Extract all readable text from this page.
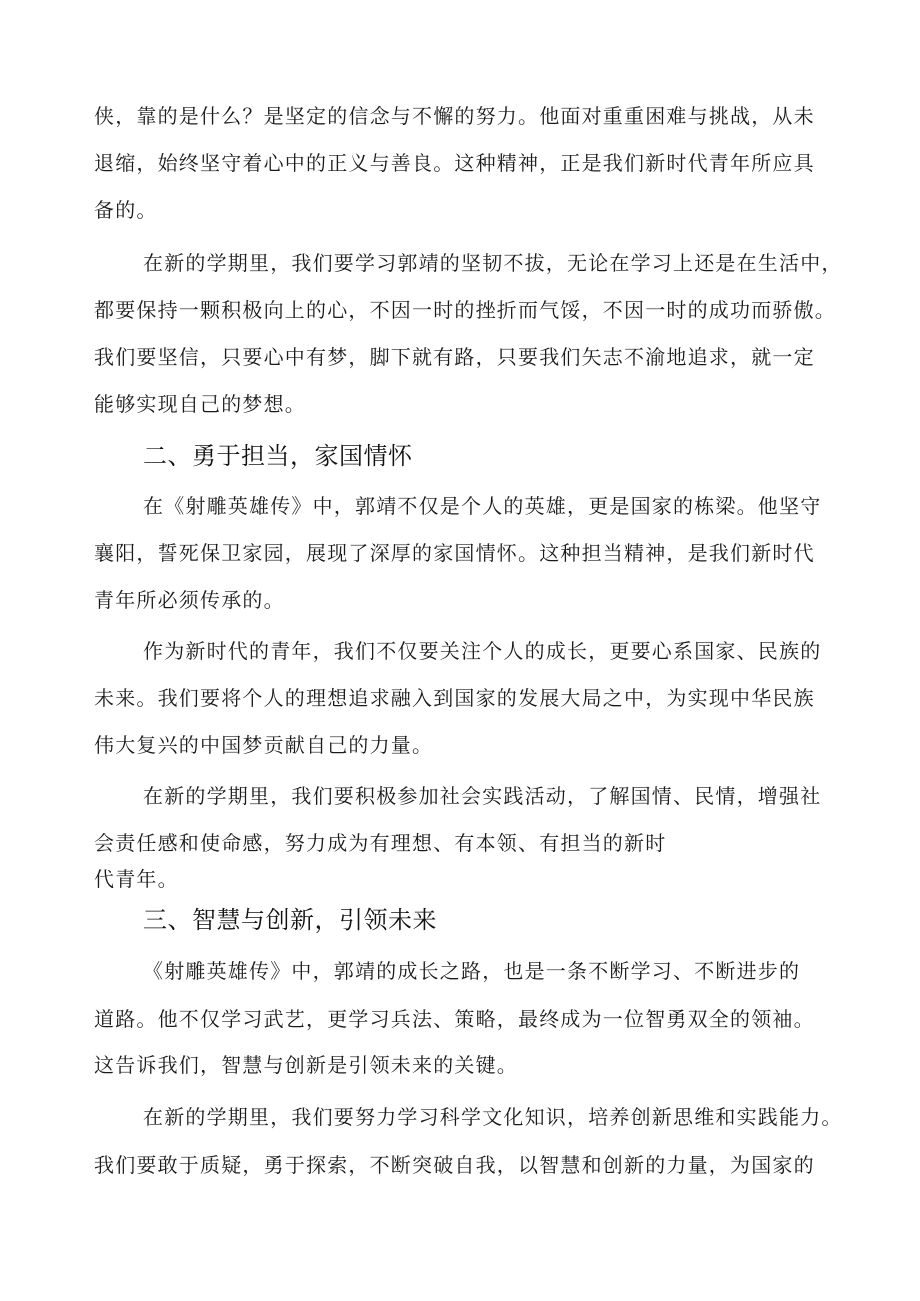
侠，靠的是什么？是坚定的信念与不懈的努力。他面对重重困难与挑战，从未
退缩，始终坚守着心中的正义与善良。这种精神，正是我们新时代青年所应具
备的。
在新的学期里，我们要学习郭靖的坚韧不拔，无论在学习上还是在生活中，
都要保持一颗积极向上的心，不因一时的挫折而气馁，不因一时的成功而骄傲。
我们要坚信，只要心中有梦，脚下就有路，只要我们矢志不渝地追求，就一定
能够实现自己的梦想。
二、勇于担当，家国情怀
在《射雕英雄传》中，郭靖不仅是个人的英雄，更是国家的栋梁。他坚守
襄阳，誓死保卫家园，展现了深厚的家国情怀。这种担当精神，是我们新时代
青年所必须传承的。
作为新时代的青年，我们不仅要关注个人的成长，更要心系国家、民族的
未来。我们要将个人的理想追求融入到国家的发展大局之中，为实现中华民族
伟大复兴的中国梦贡献自己的力量。
在新的学期里，我们要积极参加社会实践活动，了解国情、民情，增强社
会责任感和使命感，努力成为有理想、有本领、有担当的新时
代青年。
三、智慧与创新，引领未来
《射雕英雄传》中，郭靖的成长之路，也是一条不断学习、不断进步的
道路。他不仅学习武艺，更学习兵法、策略，最终成为一位智勇双全的领袖。
这告诉我们，智慧与创新是引领未来的关键。
在新的学期里，我们要努力学习科学文化知识，培养创新思维和实践能力。
我们要敢于质疑，勇于探索，不断突破自我，以智慧和创新的力量，为国家的
